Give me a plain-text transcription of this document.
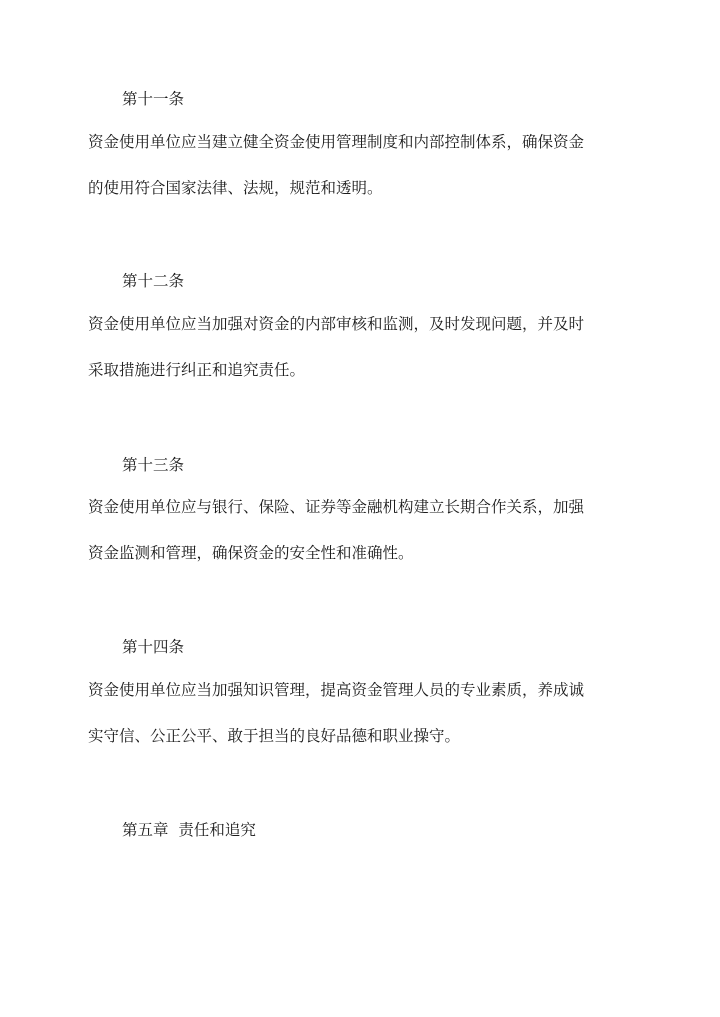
第十一条
资金使用单位应当建立健全资金使用管理制度和内部控制体系，确保资金
的使用符合国家法律、法规，规范和透明。
第十二条
资金使用单位应当加强对资金的内部审核和监测，及时发现问题，并及时
采取措施进行纠正和追究责任。
第十三条
资金使用单位应与银行、保险、证券等金融机构建立长期合作关系，加强
资金监测和管理，确保资金的安全性和准确性。
第十四条
资金使用单位应当加强知识管理，提高资金管理人员的专业素质，养成诚
实守信、公正公平、敢于担当的良好品德和职业操守。
第五章  责任和追究
